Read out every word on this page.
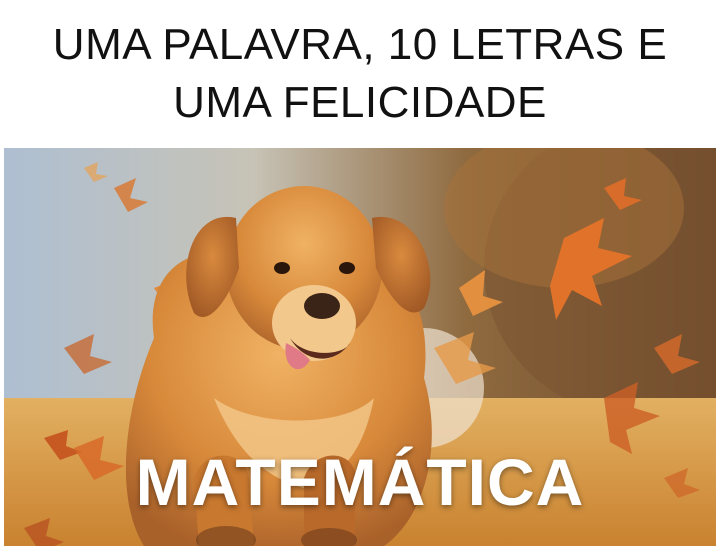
UMA PALAVRA, 10 LETRAS E
UMA FELICIDADE
MATEMÁTICA
